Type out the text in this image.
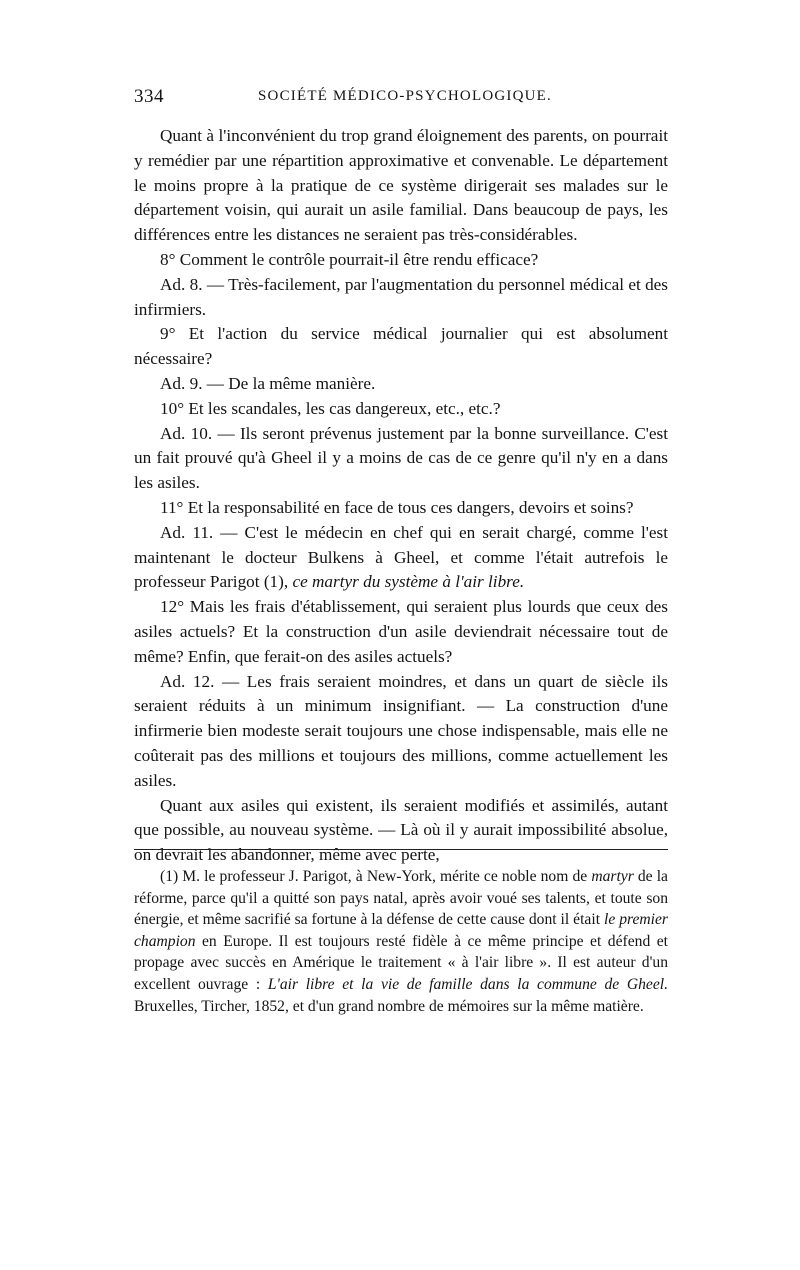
334	SOCIÉTÉ MÉDICO-PSYCHOLOGIQUE.

Quant à l'inconvénient du trop grand éloignement des parents, on pourrait y remédier par une répartition approximative et convenable. Le département le moins propre à la pratique de ce système dirigerait ses malades sur le département voisin, qui aurait un asile familial. Dans beaucoup de pays, les différences entre les distances ne seraient pas très-considérables.

8° Comment le contrôle pourrait-il être rendu efficace?

Ad. 8. — Très-facilement, par l'augmentation du personnel médical et des infirmiers.

9° Et l'action du service médical journalier qui est absolument nécessaire?

Ad. 9. — De la même manière.

10° Et les scandales, les cas dangereux, etc., etc.?

Ad. 10. — Ils seront prévenus justement par la bonne surveillance. C'est un fait prouvé qu'à Gheel il y a moins de cas de ce genre qu'il n'y en a dans les asiles.

11° Et la responsabilité en face de tous ces dangers, devoirs et soins?

Ad. 11. — C'est le médecin en chef qui en serait chargé, comme l'est maintenant le docteur Bulkens à Gheel, et comme l'était autrefois le professeur Parigot (1), ce martyr du système à l'air libre.

12° Mais les frais d'établissement, qui seraient plus lourds que ceux des asiles actuels? Et la construction d'un asile deviendrait nécessaire tout de même? Enfin, que ferait-on des asiles actuels?

Ad. 12. — Les frais seraient moindres, et dans un quart de siècle ils seraient réduits à un minimum insignifiant. — La construction d'une infirmerie bien modeste serait toujours une chose indispensable, mais elle ne coûterait pas des millions et toujours des millions, comme actuellement les asiles.

Quant aux asiles qui existent, ils seraient modifiés et assimilés, autant que possible, au nouveau système. — Là où il y aurait impossibilité absolue, on devrait les abandonner, même avec perte,

(1) M. le professeur J. Parigot, à New-York, mérite ce noble nom de martyr de la réforme, parce qu'il a quitté son pays natal, après avoir voué ses talents, et toute son énergie, et même sacrifié sa fortune à la défense de cette cause dont il était le premier champion en Europe. Il est toujours resté fidèle à ce même principe et défend et propage avec succès en Amérique le traitement « à l'air libre ». Il est auteur d'un excellent ouvrage : L'air libre et la vie de famille dans la commune de Gheel. Bruxelles, Tircher, 1852, et d'un grand nombre de mémoires sur la même matière.
